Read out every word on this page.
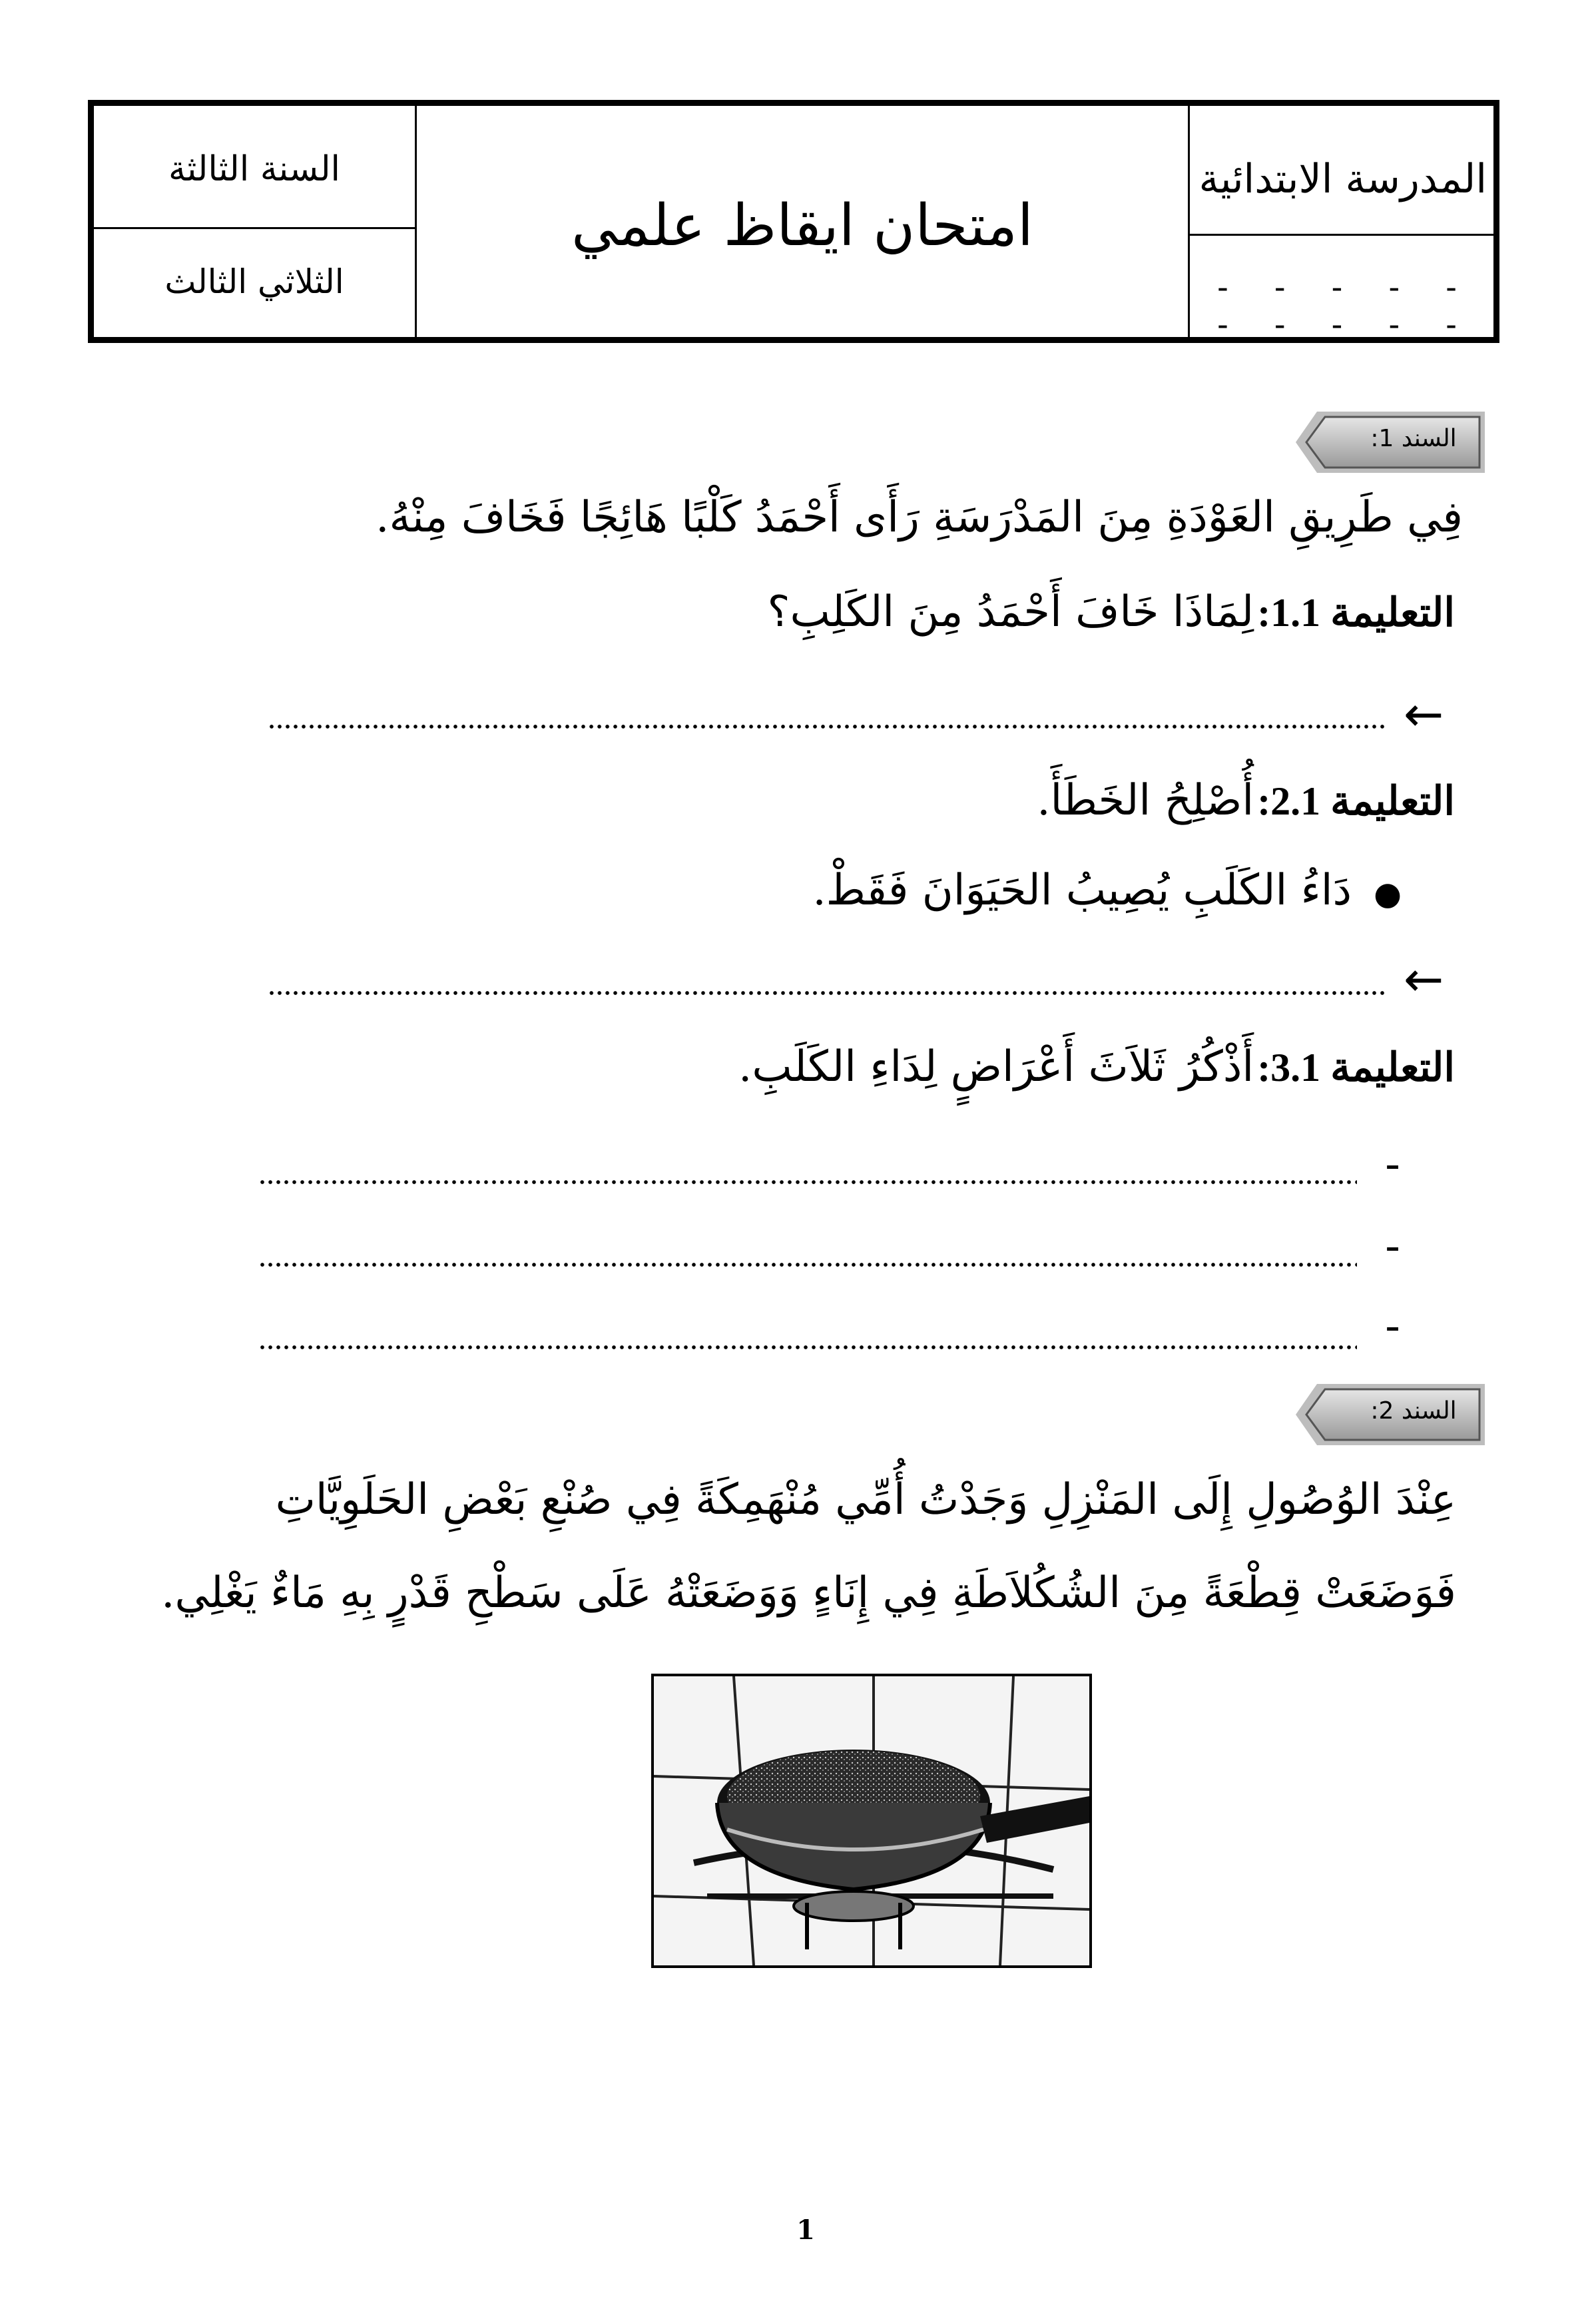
السنة الثالثة
الثلاثي الثالث
امتحان ايقاظ علمي
المدرسة الابتدائية
- - - - - - - - - -
السند 1:
فِي طَرِيقِ العَوْدَةِ مِنَ المَدْرَسَةِ رَأَى أَحْمَدُ كَلْبًا هَائِجًا فَخَافَ مِنْهُ.
التعليمة 1.1: لِمَاذَا خَافَ أَحْمَدُ مِنَ الكَلِبِ؟
←
التعليمة 2.1: أُصْلِحُ الخَطَأَ.
● دَاءُ الكَلَبِ يُصِيبُ الحَيَوَانَ فَقَطْ.
←
التعليمة 3.1: أَذْكُرُ ثَلاَثَ أَعْرَاضٍ لِدَاءِ الكَلَبِ.
-
-
-
السند 2:
عِنْدَ الوُصُولِ إِلَى المَنْزِلِ وَجَدْتُ أُمِّي مُنْهَمِكَةً فِي صُنْعِ بَعْضِ الحَلَوِيَّاتِ
فَوَضَعَتْ قِطْعَةً مِنَ الشُكُلاَطَةِ فِي إِنَاءٍ وَوَضَعَتْهُ عَلَى سَطْحِ قَدْرٍ بِهِ مَاءٌ يَغْلِي.
1
